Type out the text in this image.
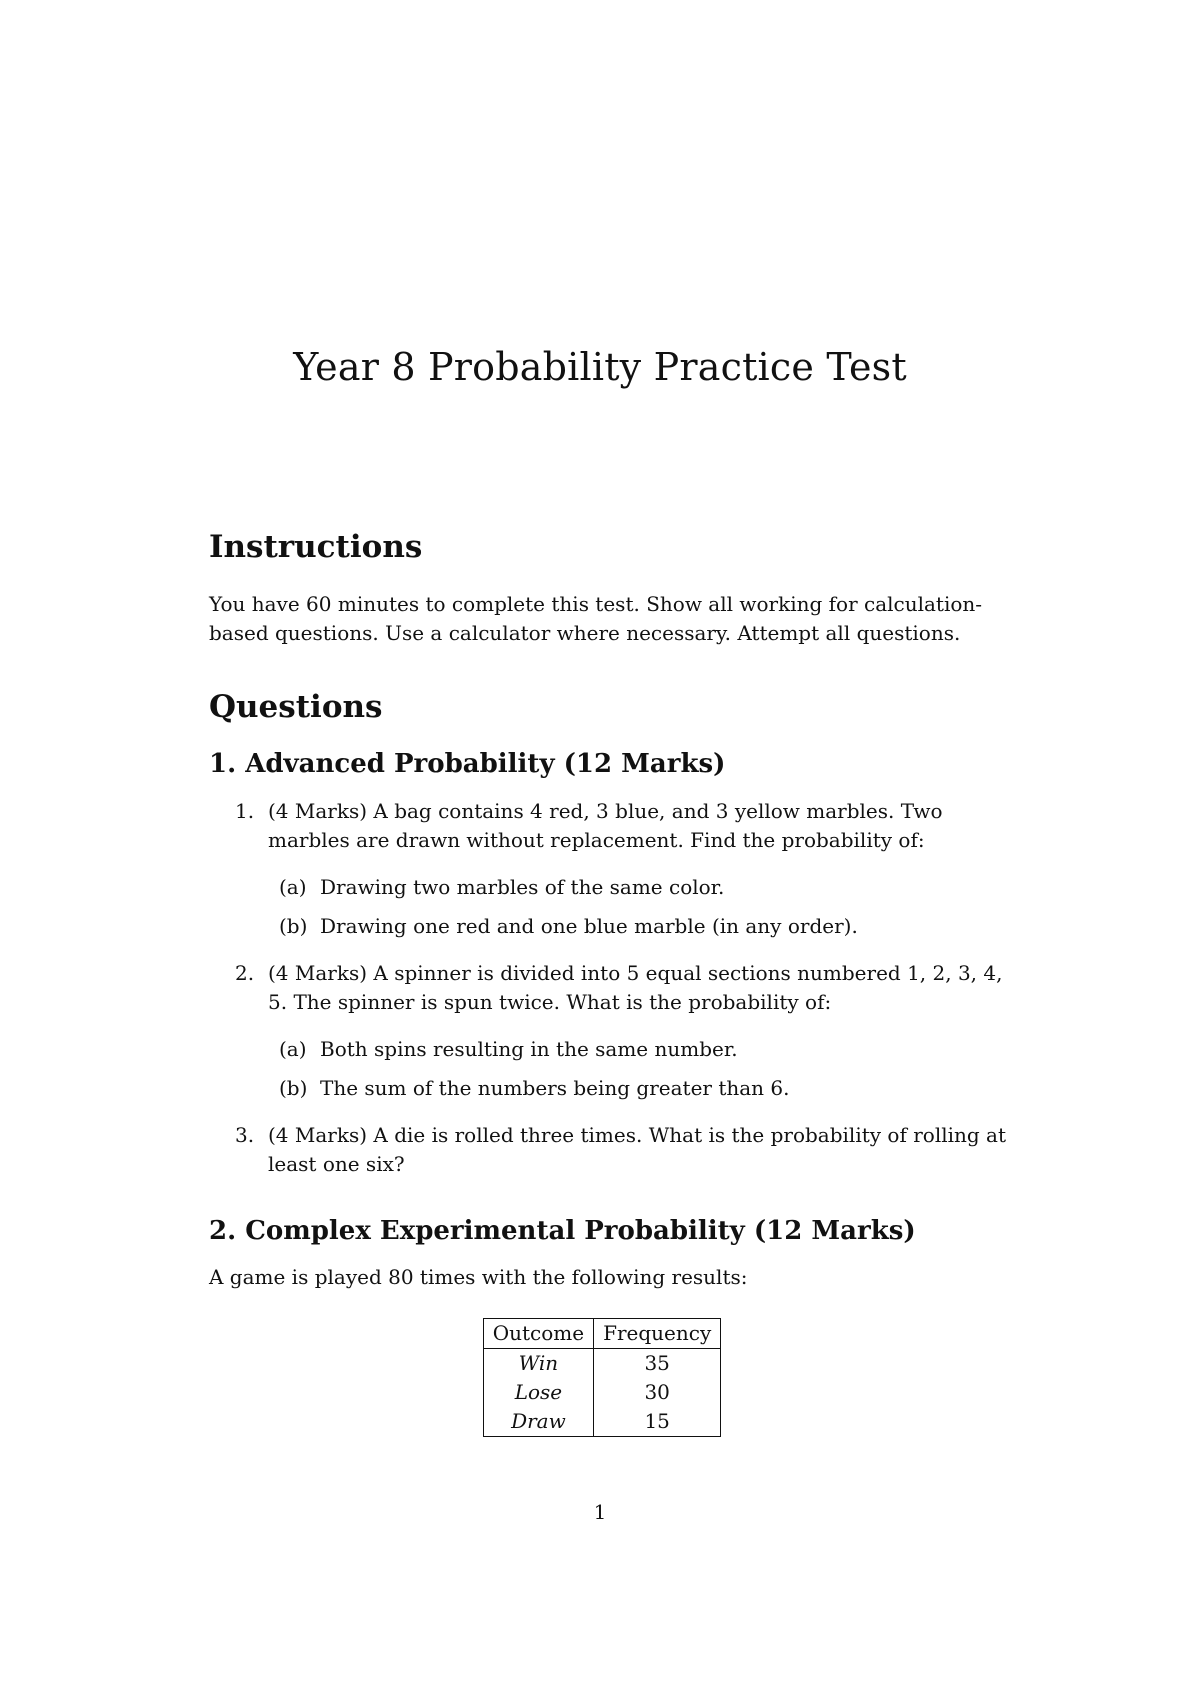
Year 8 Probability Practice Test
Instructions

You have 60 minutes to complete this test. Show all working for calculation-based questions. Use a calculator where necessary. Attempt all questions.

Questions
1. Advanced Probability (12 Marks)
1. (4 Marks) A bag contains 4 red, 3 blue, and 3 yellow marbles. Two marbles are drawn without replacement. Find the probability of:
(a) Drawing two marbles of the same color.
(b) Drawing one red and one blue marble (in any order).
2. (4 Marks) A spinner is divided into 5 equal sections numbered 1, 2, 3, 4, 5. The spinner is spun twice. What is the probability of:
(a) Both spins resulting in the same number.
(b) The sum of the numbers being greater than 6.
3. (4 Marks) A die is rolled three times. What is the probability of rolling at least one six?
2. Complex Experimental Probability (12 Marks)

A game is played 80 times with the following results:

Outcome	Frequency
Win	35
Lose	30
Draw	15
1
